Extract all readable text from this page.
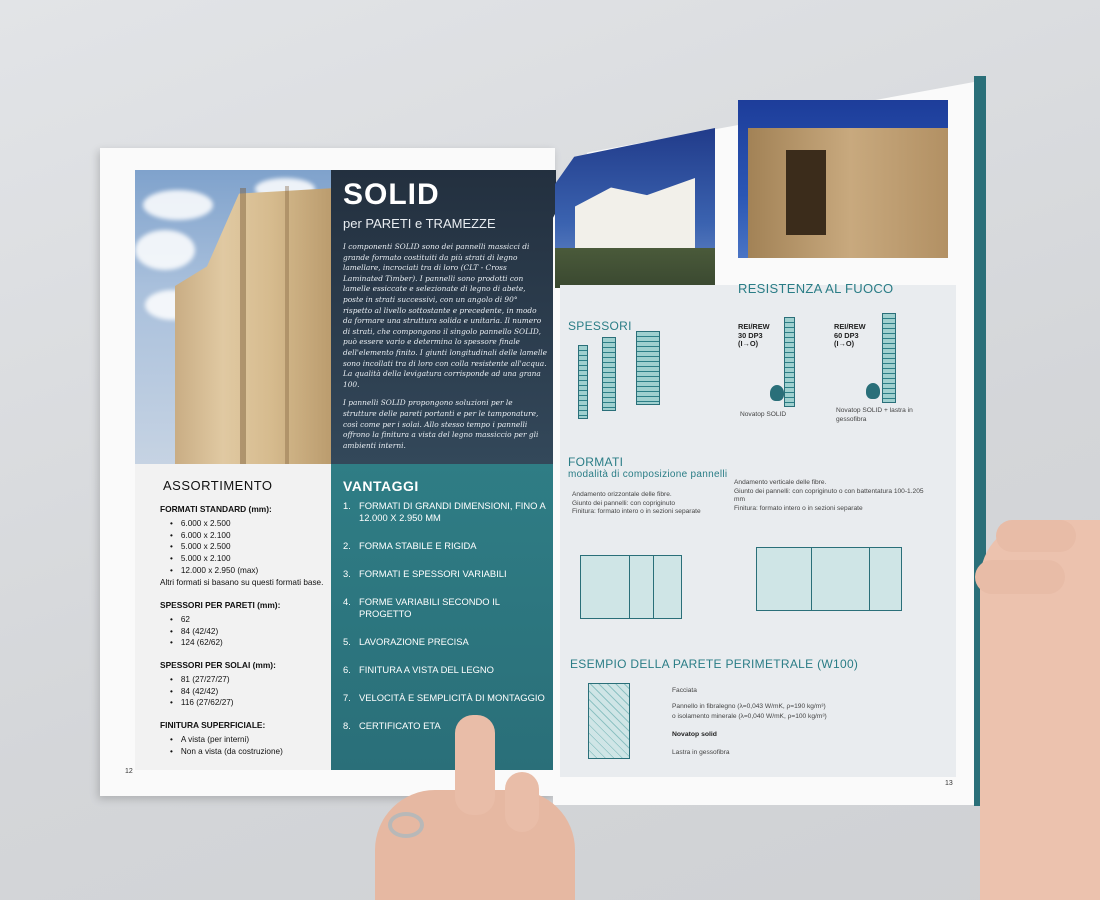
SOLID
per PARETI e TRAMEZZE

I componenti SOLID sono dei pannelli massicci di grande formato costituiti da più strati di legno lamellare, incrociati tra di loro (CLT - Cross Laminated Timber). I pannelli sono prodotti con lamelle essiccate e selezionate di legno di abete, poste in strati successivi, con un angolo di 90° rispetto al livello sottostante e precedente, in modo da formare una struttura solida e unitaria. Il numero di strati, che compongono il singolo pannello SOLID, può essere vario e determina lo spessore finale dell'elemento finito. I giunti longitudinali delle lamelle sono incollati tra di loro con colla resistente all'acqua. La qualità della levigatura corrisponde ad una grana 100.

I pannelli SOLID propongono soluzioni per le strutture delle pareti portanti e per le tamponature, così come per i solai. Allo stesso tempo i pannelli offrono la finitura a vista del legno massiccio per gli ambienti interni.

ASSORTIMENTO
FORMATI STANDARD (mm):
• 6.000 x 2.500
• 6.000 x 2.100
• 5.000 x 2.500
• 5.000 x 2.100
• 12.000 x 2.950 (max)
Altri formati si basano su questi formati base.
SPESSORI PER PARETI (mm):
• 62
• 84 (42/42)
• 124 (62/62)
SPESSORI PER SOLAI (mm):
• 81 (27/27/27)
• 84 (42/42)
• 116 (27/62/27)
FINITURA SUPERFICIALE:
• A vista (per interni)
• Non a vista (da costruzione)
VANTAGGI
1. FORMATI DI GRANDI DIMENSIONI, FINO A 12.000 X 2.950 MM
2. FORMA STABILE E RIGIDA
3. FORMATI E SPESSORI VARIABILI
4. FORME VARIABILI SECONDO IL PROGETTO
5. LAVORAZIONE PRECISA
6. FINITURA A VISTA DEL LEGNO
7. VELOCITÀ E SEMPLICITÀ DI MONTAGGIO
8. CERTIFICATO ETA
12
RESISTENZA AL FUOCO
REI/REW
30 DP3
(I→O)
Novatop SOLID
REI/REW
60 DP3
(I→O)
Novatop SOLID + lastra in gessofibra
SPESSORI
FORMATI
modalità di composizione pannelli
Andamento orizzontale delle fibre.
Giunto dei pannelli: con copriginuto
Finitura: formato intero o in sezioni separate
Andamento verticale delle fibre.
Giunto dei pannelli: con copriginuto o con battentatura 100-1.205 mm
Finitura: formato intero o in sezioni separate
ESEMPIO DELLA PARETE PERIMETRALE (W100)
Facciata
Pannello in fibralegno (λ=0,043 W/mK, ρ=190 kg/m³)
o isolamento minerale (λ=0,040 W/mK, ρ=100 kg/m³)
Novatop solid
Lastra in gessofibra
13
